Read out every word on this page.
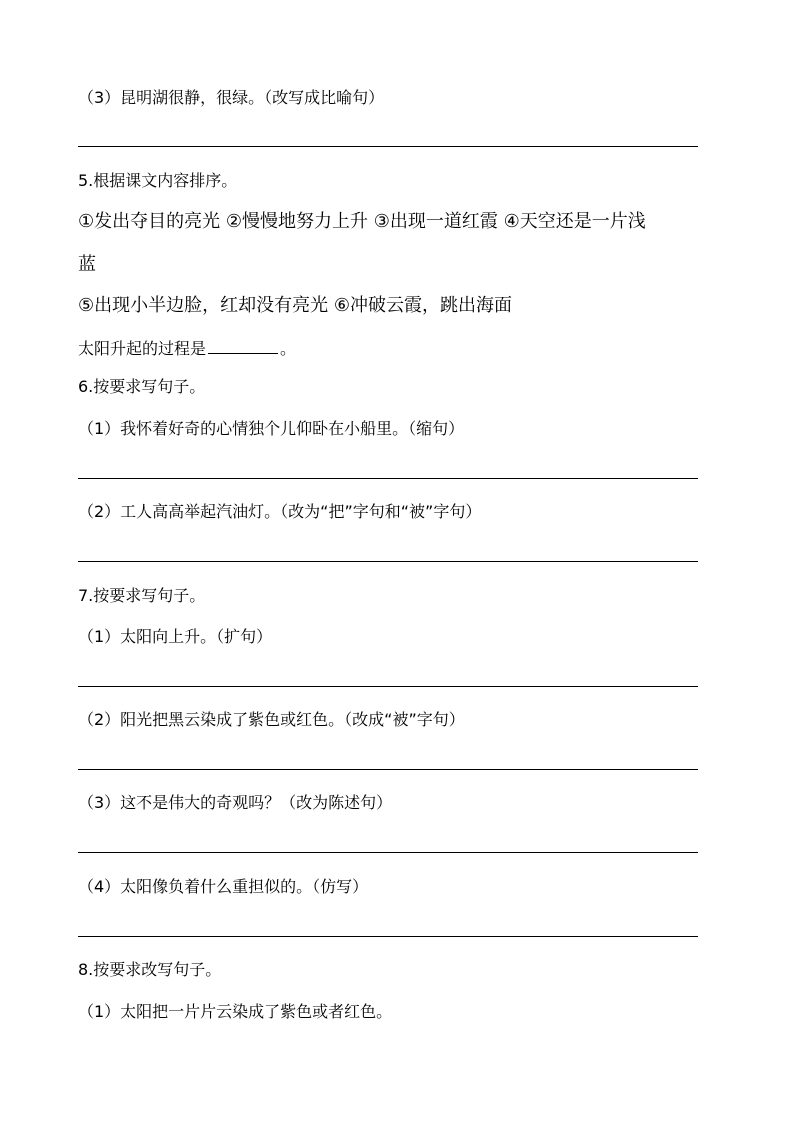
（3）昆明湖很静，很绿。（改写成比喻句）
5.根据课文内容排序。
①发出夺目的亮光 ②慢慢地努力上升 ③出现一道红霞 ④天空还是一片浅
蓝
⑤出现小半边脸，红却没有亮光 ⑥冲破云霞，跳出海面
太阳升起的过程是	。
6.按要求写句子。
（1）我怀着好奇的心情独个儿仰卧在小船里。（缩句）
（2）工人高高举起汽油灯。（改为“把”字句和“被”字句）
7.按要求写句子。
（1）太阳向上升。（扩句）
（2）阳光把黑云染成了紫色或红色。（改成“被”字句）
（3）这不是伟大的奇观吗？（改为陈述句）
（4）太阳像负着什么重担似的。（仿写）
8.按要求改写句子。
（1）太阳把一片片云染成了紫色或者红色。
